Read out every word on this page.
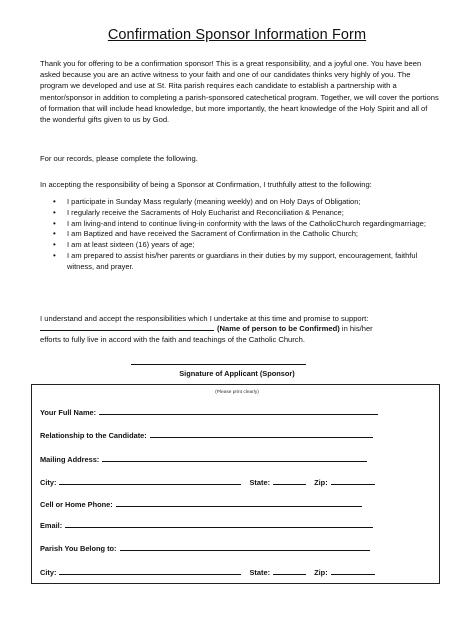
Confirmation Sponsor Information Form

Thank you for offering to be a confirmation sponsor! This is a great responsibility, and a joyful one. You have been asked because you are an active witness to your faith and one of our candidates thinks very highly of you. The program we developed and use at St. Rita parish requires each candidate to establish a partnership with a mentor/sponsor in addition to completing a parish-sponsored catechetical program. Together, we will cover the portions of formation that will include head knowledge, but more importantly, the heart knowledge of the Holy Spirit and all of the wonderful gifts given to us by God.

For our records, please complete the following.

In accepting the responsibility of being a Sponsor at Confirmation, I truthfully attest to the following:

• I participate in Sunday Mass regularly (meaning weekly) and on Holy Days of Obligation;
• I regularly receive the Sacraments of Holy Eucharist and Reconciliation & Penance;
• I am living-and intend to continue living-in conformity with the laws of the CatholicChurch regardingmarriage;
• I am Baptized and have received the Sacrament of Confirmation in the Catholic Church;
• I am at least sixteen (16) years of age;
• I am prepared to assist his/her parents or guardians in their duties by my support, encouragement, faithful witness, and prayer.

I understand and accept the responsibilities which I undertake at this time and promise to support:

(Name of person to be Confirmed) in his/her
efforts to fully live in accord with the faith and teachings of the Catholic Church.
Signature of Applicant (Sponsor)
(Please print clearly)
Your Full Name:
Relationship to the Candidate:
Mailing Address:
City:	State:	Zip:
Cell or Home Phone:
Email:
Parish You Belong to:
City:	State:	Zip:
